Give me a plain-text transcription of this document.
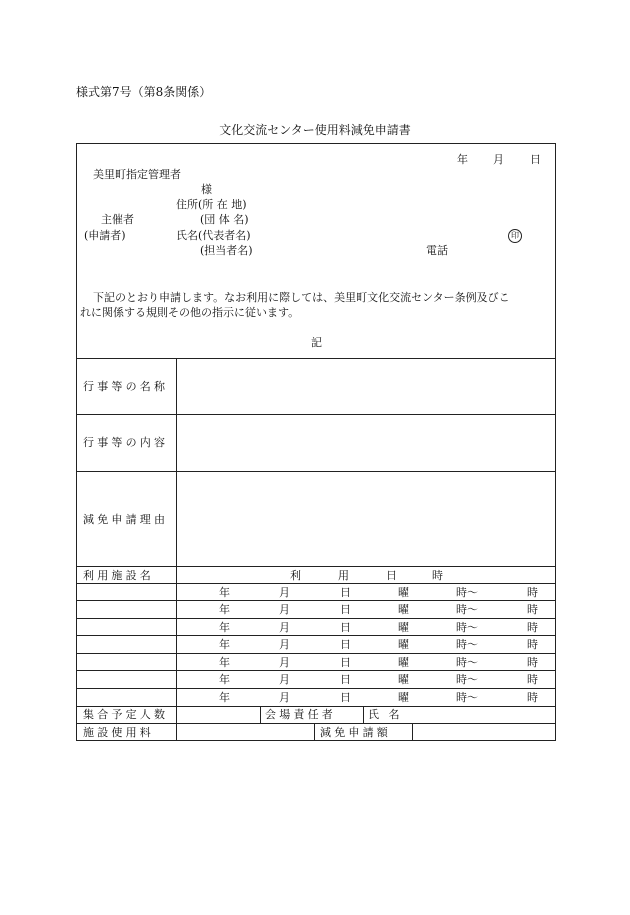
様式第7号（第8条関係）
文化交流センター使用料減免申請書
年 月 日
美里町指定管理者
様
住所(所 在 地)
主催者	(団 体 名)
(申請者)	氏名(代表者名)	印
(担当者名)	電話
下記のとおり申請します。なお利用に際しては、美里町文化交流センター条例及びこ
れに関係する規則その他の指示に従います。
記
行事等の名称
行事等の内容
減免申請理由
利用施設名	利	用	日	時
年	月	日	曜	時～	時
年	月	日	曜	時～	時
年	月	日	曜	時～	時
年	月	日	曜	時～	時
年	月	日	曜	時～	時
年	月	日	曜	時～	時
年	月	日	曜	時～	時
集合予定人数	会場責任者	氏 名
施設使用料	減免申請額
